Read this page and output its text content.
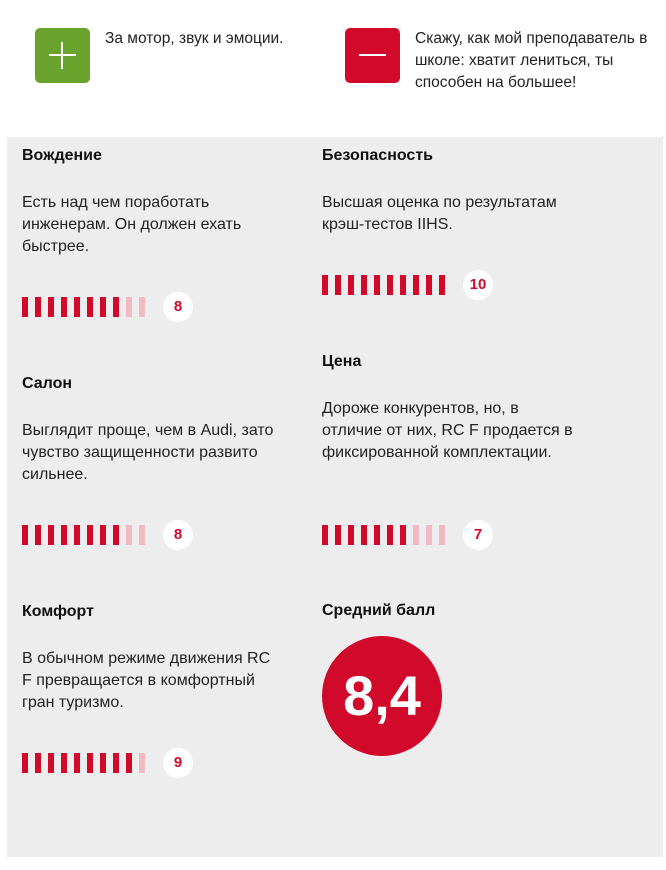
За мотор, звук и эмоции.	Скажу, как мой преподаватель в школе: хватит лениться, ты способен на большее!

Вождение

Есть над чем поработать инженерам. Он должен ехать быстрее.

8

Безопасность

Высшая оценка по результатам крэш-тестов IIHS.

10

Салон

Выглядит проще, чем в Audi, зато чувство защищенности развито сильнее.

8

Цена

Дороже конкурентов, но, в отличие от них, RC F продается в фиксированной комплектации.

7

Комфорт

В обычном режиме движения RC F превращается в комфортный гран туризмо.

9
Средний балл
8,4
